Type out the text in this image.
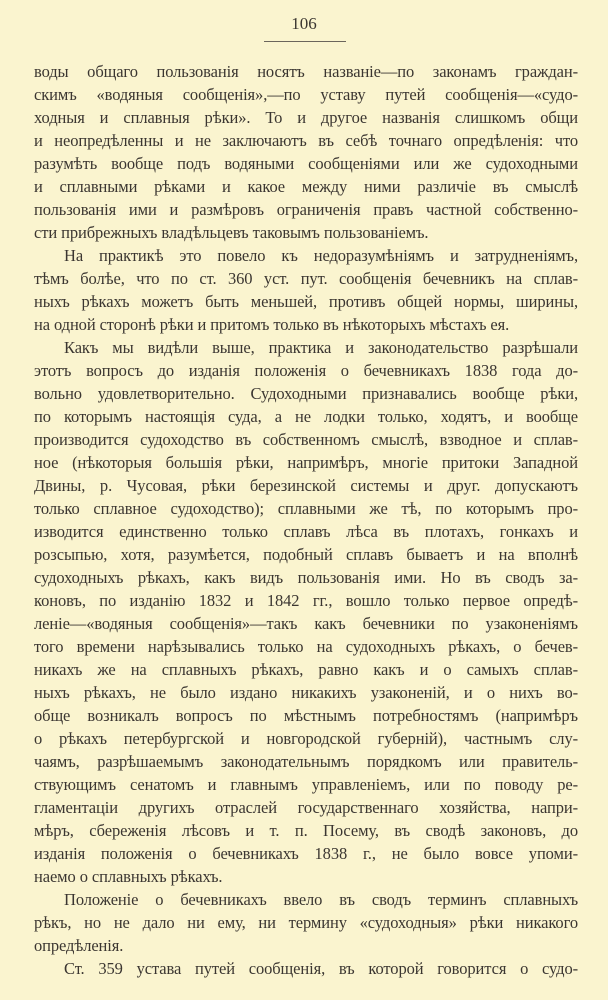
106
воды общаго пользованія носятъ названіе—по законамъ граждан-
скимъ «водяныя сообщенія»,—по уставу путей сообщенія—«судо-
ходныя и сплавныя рѣки». То и другое названія слишкомъ общи
и неопредѣленны и не заключаютъ въ себѣ точнаго опредѣленія: что
разумѣть вообще подъ водяными сообщеніями или же судоходными
и сплавными рѣками и какое между ними различіе въ смыслѣ
пользованія ими и размѣровъ ограниченія правъ частной собственно-
сти прибрежныхъ владѣльцевъ таковымъ пользованіемъ.
На практикѣ это повело къ недоразумѣніямъ и затрудненіямъ,
тѣмъ болѣе, что по ст. 360 уст. пут. сообщенія бечевникъ на сплав-
ныхъ рѣкахъ можетъ быть меньшей, противъ общей нормы, ширины,
на одной сторонѣ рѣки и притомъ только въ нѣкоторыхъ мѣстахъ ея.
Какъ мы видѣли выше, практика и законодательство разрѣшали
этотъ вопросъ до изданія положенія о бечевникахъ 1838 года до-
вольно удовлетворительно. Судоходными признавались вообще рѣки,
по которымъ настоящія суда, а не лодки только, ходятъ, и вообще
производится судоходство въ собственномъ смыслѣ, взводное и сплав-
ное (нѣкоторыя большія рѣки, напримѣръ, многіе притоки Западной
Двины, р. Чусовая, рѣки березинской системы и друг. допускаютъ
только сплавное судоходство); сплавными же тѣ, по которымъ про-
изводится единственно только сплавъ лѣса въ плотахъ, гонкахъ и
розсыпью, хотя, разумѣется, подобный сплавъ бываетъ и на вполнѣ
судоходныхъ рѣкахъ, какъ видъ пользованія ими. Но въ сводъ за-
коновъ, по изданію 1832 и 1842 гг., вошло только первое опредѣ-
леніе—«водяныя сообщенія»—такъ какъ бечевники по узаконеніямъ
того времени нарѣзывались только на судоходныхъ рѣкахъ, о бечев-
никахъ же на сплавныхъ рѣкахъ, равно какъ и о самыхъ сплав-
ныхъ рѣкахъ, не было издано никакихъ узаконеній, и о нихъ во-
обще возникалъ вопросъ по мѣстнымъ потребностямъ (напримѣръ
о рѣкахъ петербургской и новгородской губерній), частнымъ слу-
чаямъ, разрѣшаемымъ законодательнымъ порядкомъ или правитель-
ствующимъ сенатомъ и главнымъ управленіемъ, или по поводу ре-
гламентаціи другихъ отраслей государственнаго хозяйства, напри-
мѣръ, сбереженія лѣсовъ и т. п. Посему, въ сводѣ законовъ, до
изданія положенія о бечевникахъ 1838 г., не было вовсе упоми-
наемо о сплавныхъ рѣкахъ.
Положеніе о бечевникахъ ввело въ сводъ терминъ сплавныхъ
рѣкъ, но не дало ни ему, ни термину «судоходныя» рѣки никакого
опредѣленія.
Ст. 359 устава путей сообщенія, въ которой говорится о судо-
